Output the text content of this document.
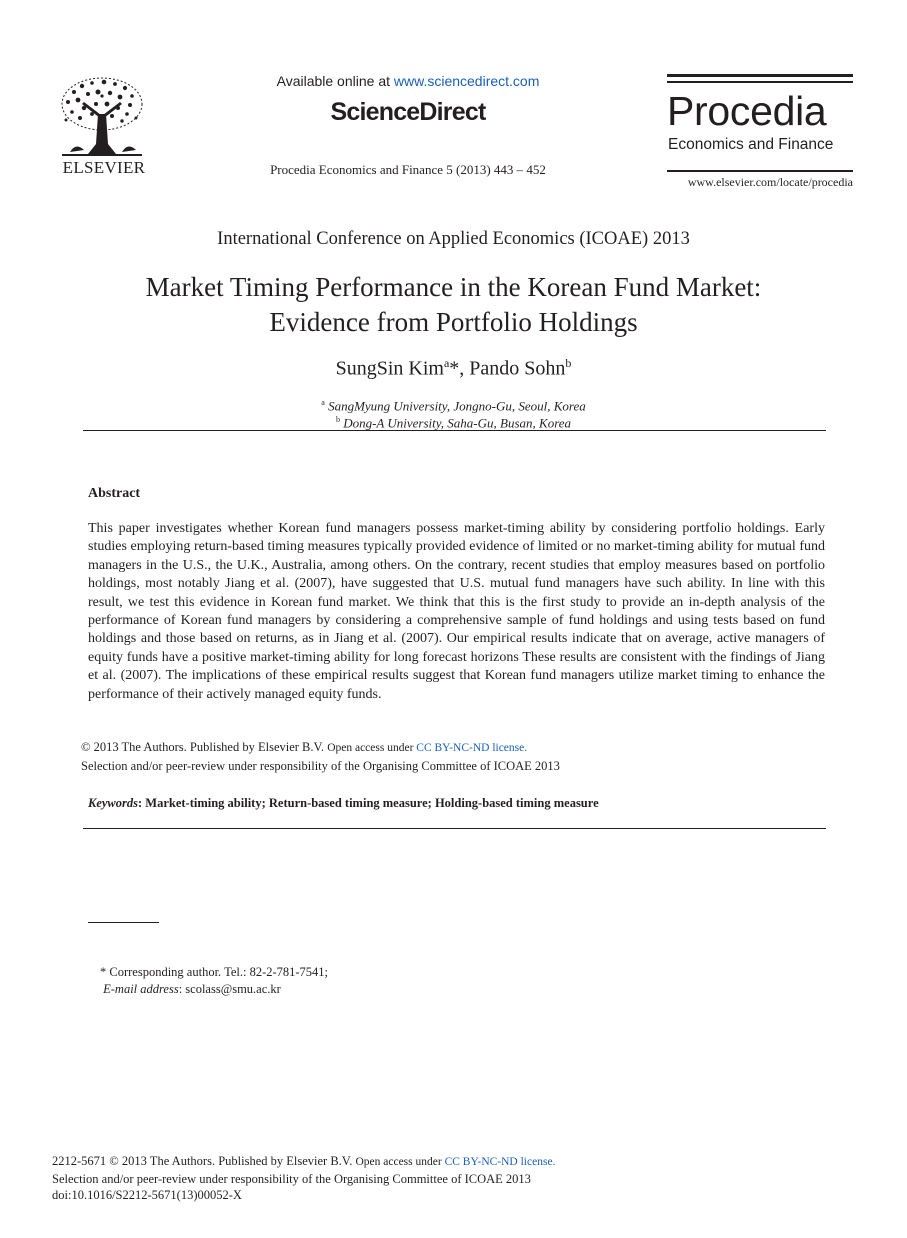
ELSEVIER
Available online at www.sciencedirect.com
ScienceDirect
Procedia Economics and Finance 5 (2013) 443 – 452
Procedia
Economics and Finance
www.elsevier.com/locate/procedia
International Conference on Applied Economics (ICOAE) 2013
Market Timing Performance in the Korean Fund Market:
Evidence from Portfolio Holdings
SungSin Kim$^a$*, Pando Sohn$^b$
$^a$ SangMyung University, Jongno-Gu, Seoul, Korea
$^b$ Dong-A University, Saha-Gu, Busan, Korea
Abstract
This paper investigates whether Korean fund managers possess market-timing ability by considering portfolio holdings. Early studies employing return-based timing measures typically provided evidence of limited or no market-timing ability for mutual fund managers in the U.S., the U.K., Australia, among others. On the contrary, recent studies that employ measures based on portfolio holdings, most notably Jiang et al. (2007), have suggested that U.S. mutual fund managers have such ability. In line with this result, we test this evidence in Korean fund market. We think that this is the first study to provide an in-depth analysis of the performance of Korean fund managers by considering a comprehensive sample of fund holdings and using tests based on fund holdings and those based on returns, as in Jiang et al. (2007). Our empirical results indicate that on average, active managers of equity funds have a positive market-timing ability for long forecast horizons These results are consistent with the findings of Jiang et al. (2007). The implications of these empirical results suggest that Korean fund managers utilize market timing to enhance the performance of their actively managed equity funds.
© 2013 The Authors. Published by Elsevier B.V. Open access under CC BY-NC-ND license.
Selection and/or peer-review under responsibility of the Organising Committee of ICOAE 2013
Keywords: Market-timing ability; Return-based timing measure; Holding-based timing measure
* Corresponding author. Tel.: 82-2-781-7541;
E-mail address: scolass@smu.ac.kr
2212-5671 © 2013 The Authors. Published by Elsevier B.V. Open access under CC BY-NC-ND license.
Selection and/or peer-review under responsibility of the Organising Committee of ICOAE 2013
doi:10.1016/S2212-5671(13)00052-X
